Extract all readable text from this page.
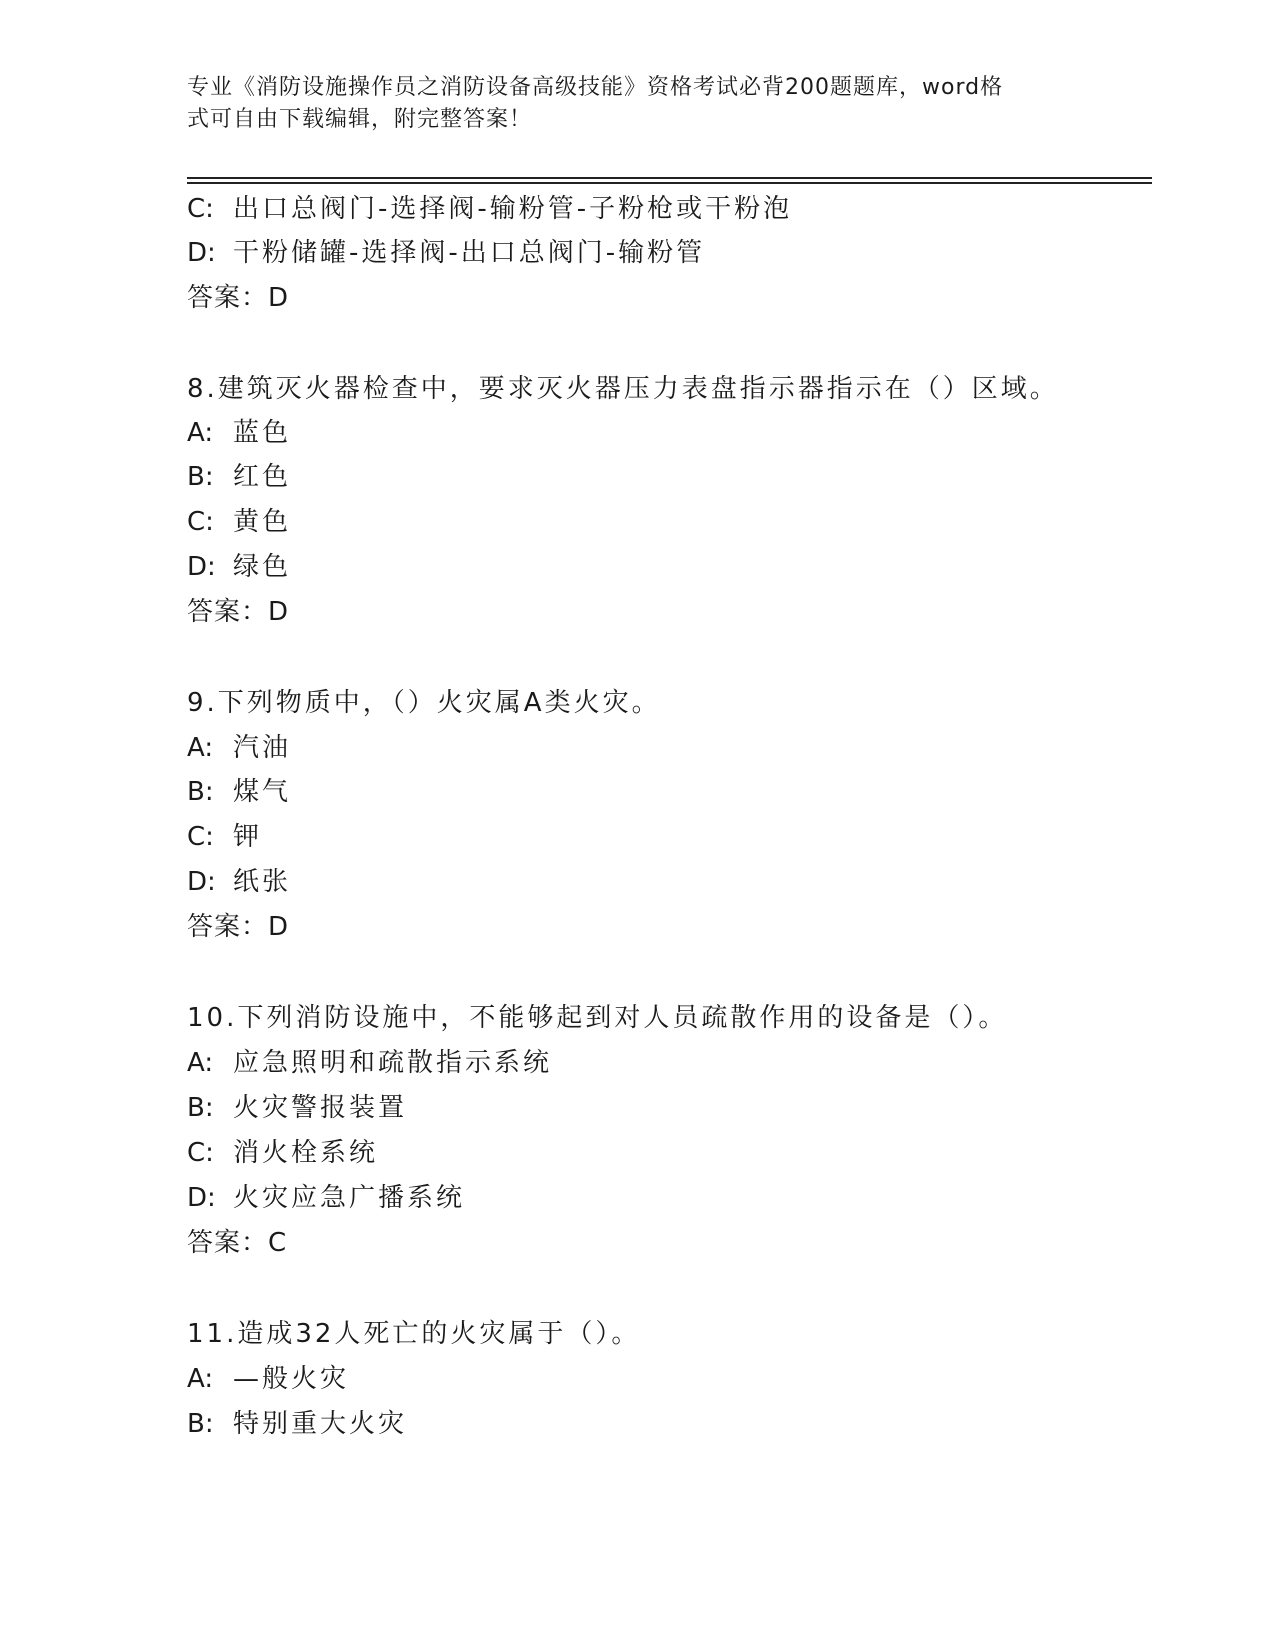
专业《消防设施操作员之消防设备高级技能》资格考试必背200题题库，word格
式可自由下载编辑，附完整答案！
C: 出口总阀门-选择阀-输粉管-子粉枪或干粉泡
D: 干粉储罐-选择阀-出口总阀门-输粉管
答案：D
8.建筑灭火器检查中，要求灭火器压力表盘指示器指示在（）区域。
A: 蓝色
B: 红色
C: 黄色
D: 绿色
答案：D
9.下列物质中，（）火灾属A类火灾。
A: 汽油
B: 煤气
C: 钾
D: 纸张
答案：D
10.下列消防设施中，不能够起到对人员疏散作用的设备是（）。
A: 应急照明和疏散指示系统
B: 火灾警报装置
C: 消火栓系统
D: 火灾应急广播系统
答案：C
11.造成32人死亡的火灾属于（）。
A: —般火灾
B: 特别重大火灾
